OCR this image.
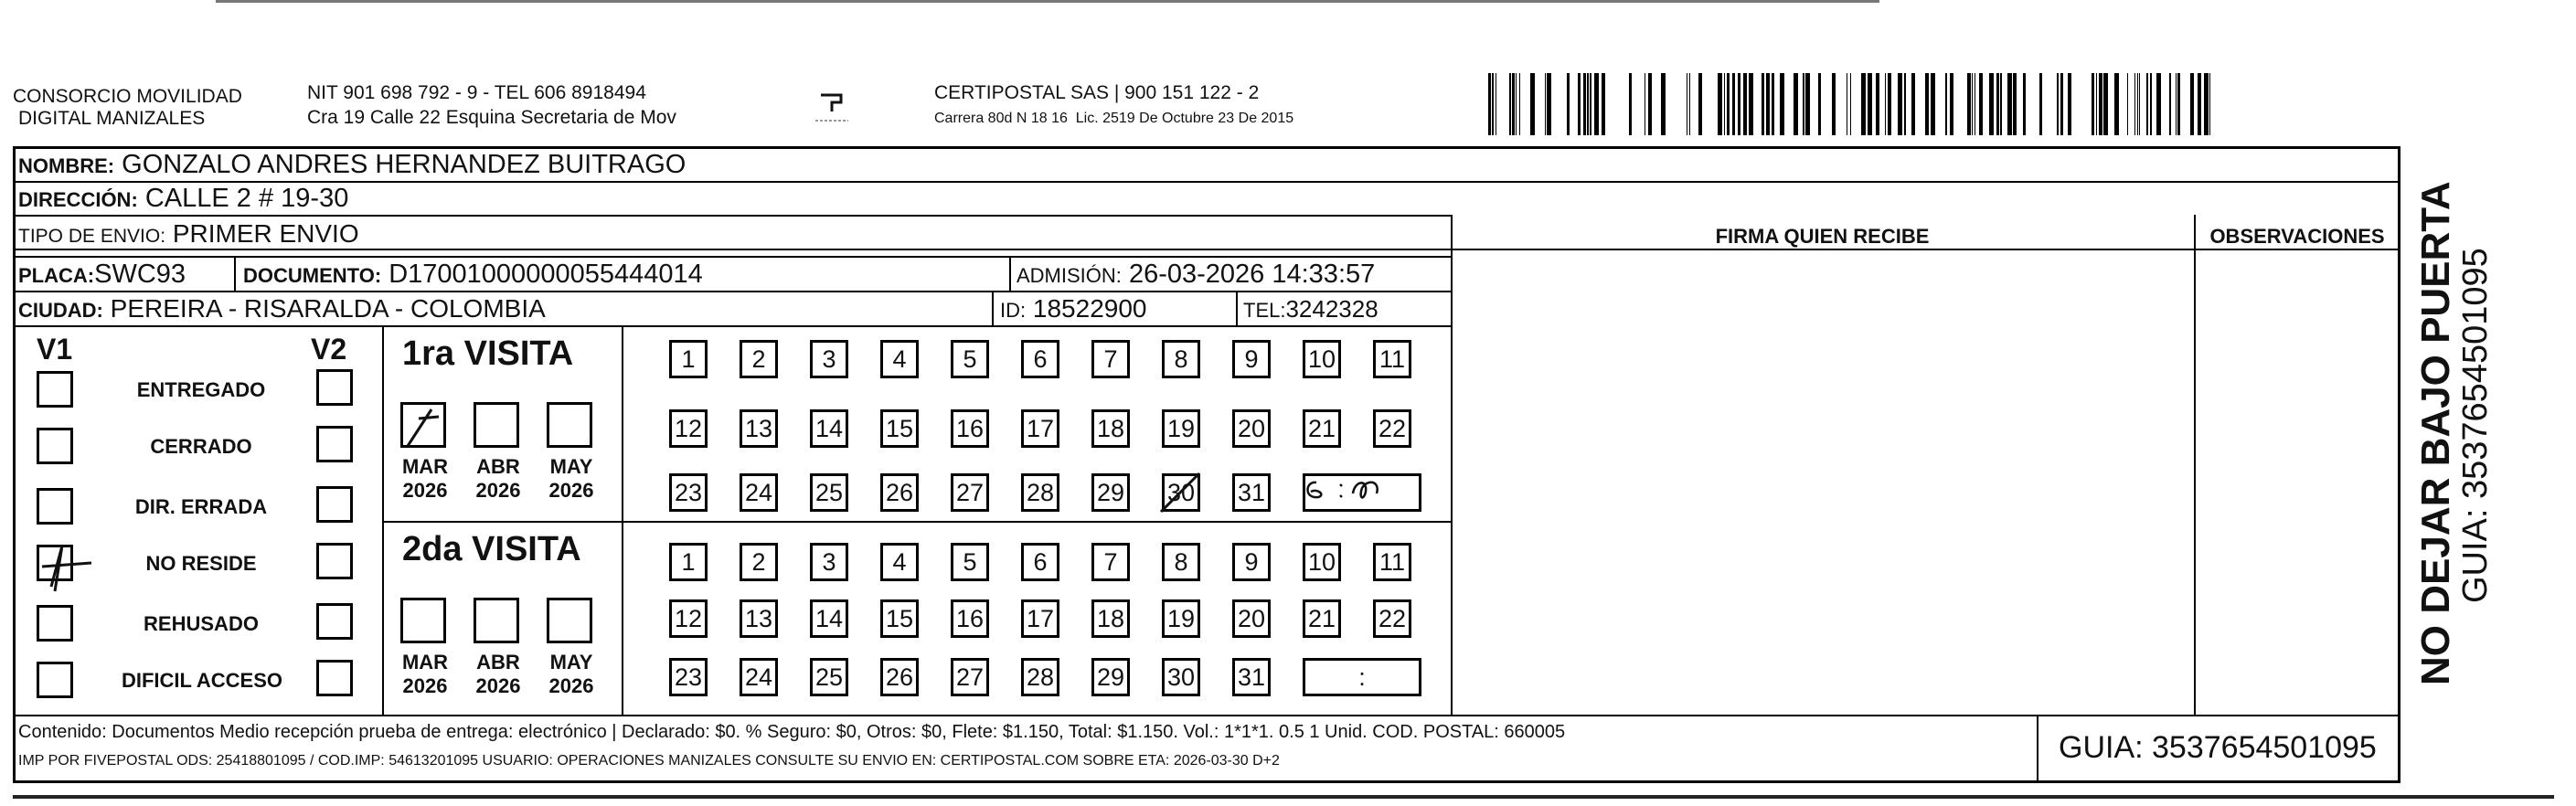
CONSORCIO MOVILIDAD
DIGITAL MANIZALES
NIT 901 698 792 - 9 - TEL 606 8918494
Cra 19 Calle 22 Esquina Secretaria de Mov
CERTIPOSTAL SAS | 900 151 122 - 2
Carrera 80d N 18 16  Lic. 2519 De Octubre 23 De 2015
NOMBRE: GONZALO ANDRES HERNANDEZ BUITRAGO
DIRECCIÓN: CALLE 2 # 19-30
TIPO DE ENVIO: PRIMER ENVIO	FIRMA QUIEN RECIBE	OBSERVACIONES
PLACA:SWC93	DOCUMENTO: D17001000000055444014	ADMISIÓN: 26-03-2026 14:33:57
CIUDAD: PEREIRA - RISARALDA - COLOMBIA	ID: 18522900	TEL:3242328
V1	V2
ENTREGADO
CERRADO
DIR. ERRADA
NO RESIDE
REHUSADO
DIFICIL ACCESO
1ra VISITA
2da VISITA
MAR
2026
ABR
2026
MAY
2026
MAR
2026
ABR
2026
MAY
2026
1	2	3	4	5	6	7	8	9	10 11
12 13 14 15 16 17 18 19 20 21 22
23 24 25 26 27 28 29 30 31
1	2	3	4	5	6	7	8	9	10 11
12 13 14 15 16 17 18 19 20 21 22
23 24 25 26 27 28 29 30 31	:
Contenido: Documentos Medio recepción prueba de entrega: electrónico | Declarado: $0. % Seguro: $0, Otros: $0, Flete: $1.150, Total: $1.150. Vol.: 1*1*1. 0.5 1 Unid. COD. POSTAL: 660005
IMP POR FIVEPOSTAL ODS: 25418801095 / COD.IMP: 54613201095 USUARIO: OPERACIONES MANIZALES CONSULTE SU ENVIO EN: CERTIPOSTAL.COM SOBRE ETA: 2026-03-30 D+2	GUIA: 3537654501095
NO DEJAR BAJO PUERTA
GUIA: 3537654501095
